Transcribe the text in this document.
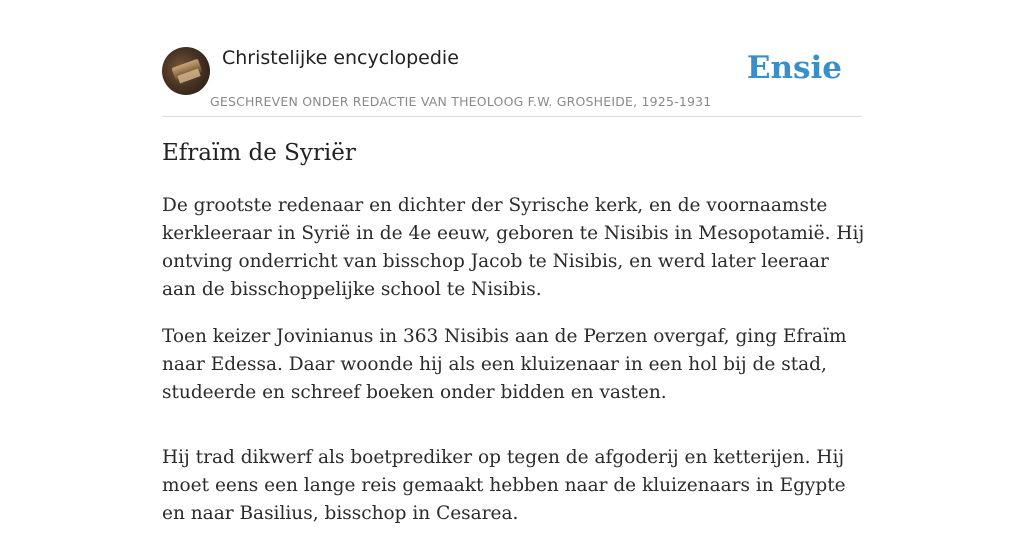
Christelijke encyclopedie
GESCHREVEN ONDER REDACTIE VAN THEOLOOG F.W. GROSHEIDE, 1925-1931
Ensie
Efraïm de Syriër

De grootste redenaar en dichter der Syrische kerk, en de voornaamste kerkleeraar in Syrië in de 4e eeuw, geboren te Nisibis in Mesopotamië. Hij ontving onderricht van bisschop Jacob te Nisibis, en werd later leeraar aan de bisschoppelijke school te Nisibis.

Toen keizer Jovinianus in 363 Nisibis aan de Perzen overgaf, ging Efraïm naar Edessa. Daar woonde hij als een kluizenaar in een hol bij de stad, studeerde en schreef boeken onder bidden en vasten.

Hij trad dikwerf als boetprediker op tegen de afgoderij en ketterijen. Hij moet eens een lange reis gemaakt hebben naar de kluizenaars in Egypte en naar Basilius, bisschop in Cesarea.
